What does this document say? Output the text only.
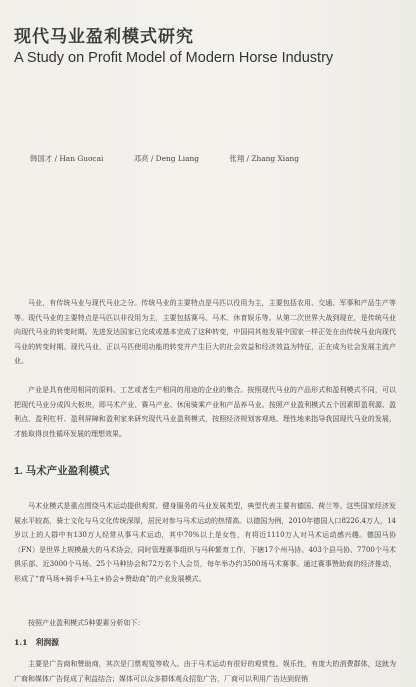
现代马业盈利模式研究
A Study on Profit Model of Modern Horse Industry
韩国才 / Han Guocai	邓亮 / Deng Liang	张翔 / Zhang Xiang

马业，有传统马业与现代马业之分。传统马业的主要特点是马匹以役用为主，主要包括农用、交通、军事和产品生产等等。现代马业的主要特点是马匹以非役用为主，主要包括赛马、马术、休育娱乐等。从第二次世界大战到现在，是传统马业向现代马业的转变时期。先进发达国家已完成或基本完成了这种转变，中国同其他发展中国家一样正处在由传统马业向现代马业的转变时期。现代马业，正以马匹使用功能的转变并产生巨大的社会效益和经济效益为特征，正在成为社会发展主流产业。

产业是具有使用相同的原料、工艺或者生产相同的用途的企业的集合。按照现代马业的产品形式和盈利模式不同，可以把现代马业分成四大板块，即马术产业、赛马产业、休闲骑乘产业和产品养马业。按照产业盈利模式五个因素即盈利源、盈利点、盈利杠杆、盈利屏障和盈利家来研究现代马业盈利模式，按照经济规划客观地、理性地来指导我国现代马业的发展，才能取得良性循环发展的理想效果。

1. 马术产业盈利模式

马术业模式是重点围绕马术运动提供观赏、健身服务的马业发展类型，典型代表主要有德国、荷兰等。这些国家经济发展水平较高，骑士文化与马文化传统深厚，居民对参与马术运动的热情高。以德国为例，2010年德国人口8226.4万人，14岁以上的人群中有130万人经常从事马术运动，其中70%以上是女性，有将近1110万人对马术运动感兴趣。德国马协（FN）是世界上规模最大的马术协会，同时管理赛事组织与马种繁育工作，下辖17个州马协、403个县马协、7700个马术俱乐部、近3000个马场。25个马种协会和72万名个人会员，每年举办约3500场马术赛事。通过赛事赞助商的经济推动，形成了“育马场+骑手+马主+协会+赞助商”的产业发展模式。

按照产业盈利模式5种要素分析如下：

1.1 利润源

主要是广告商和赞助商，其次是门票观览等收入。由于马术运动有很好的观赏性、娱乐性，有庞大的消费群体，这就为广商和媒体广告促成了利益结合；媒体可以众多群体观众招览广告，厂商可以利用广告达到促销
